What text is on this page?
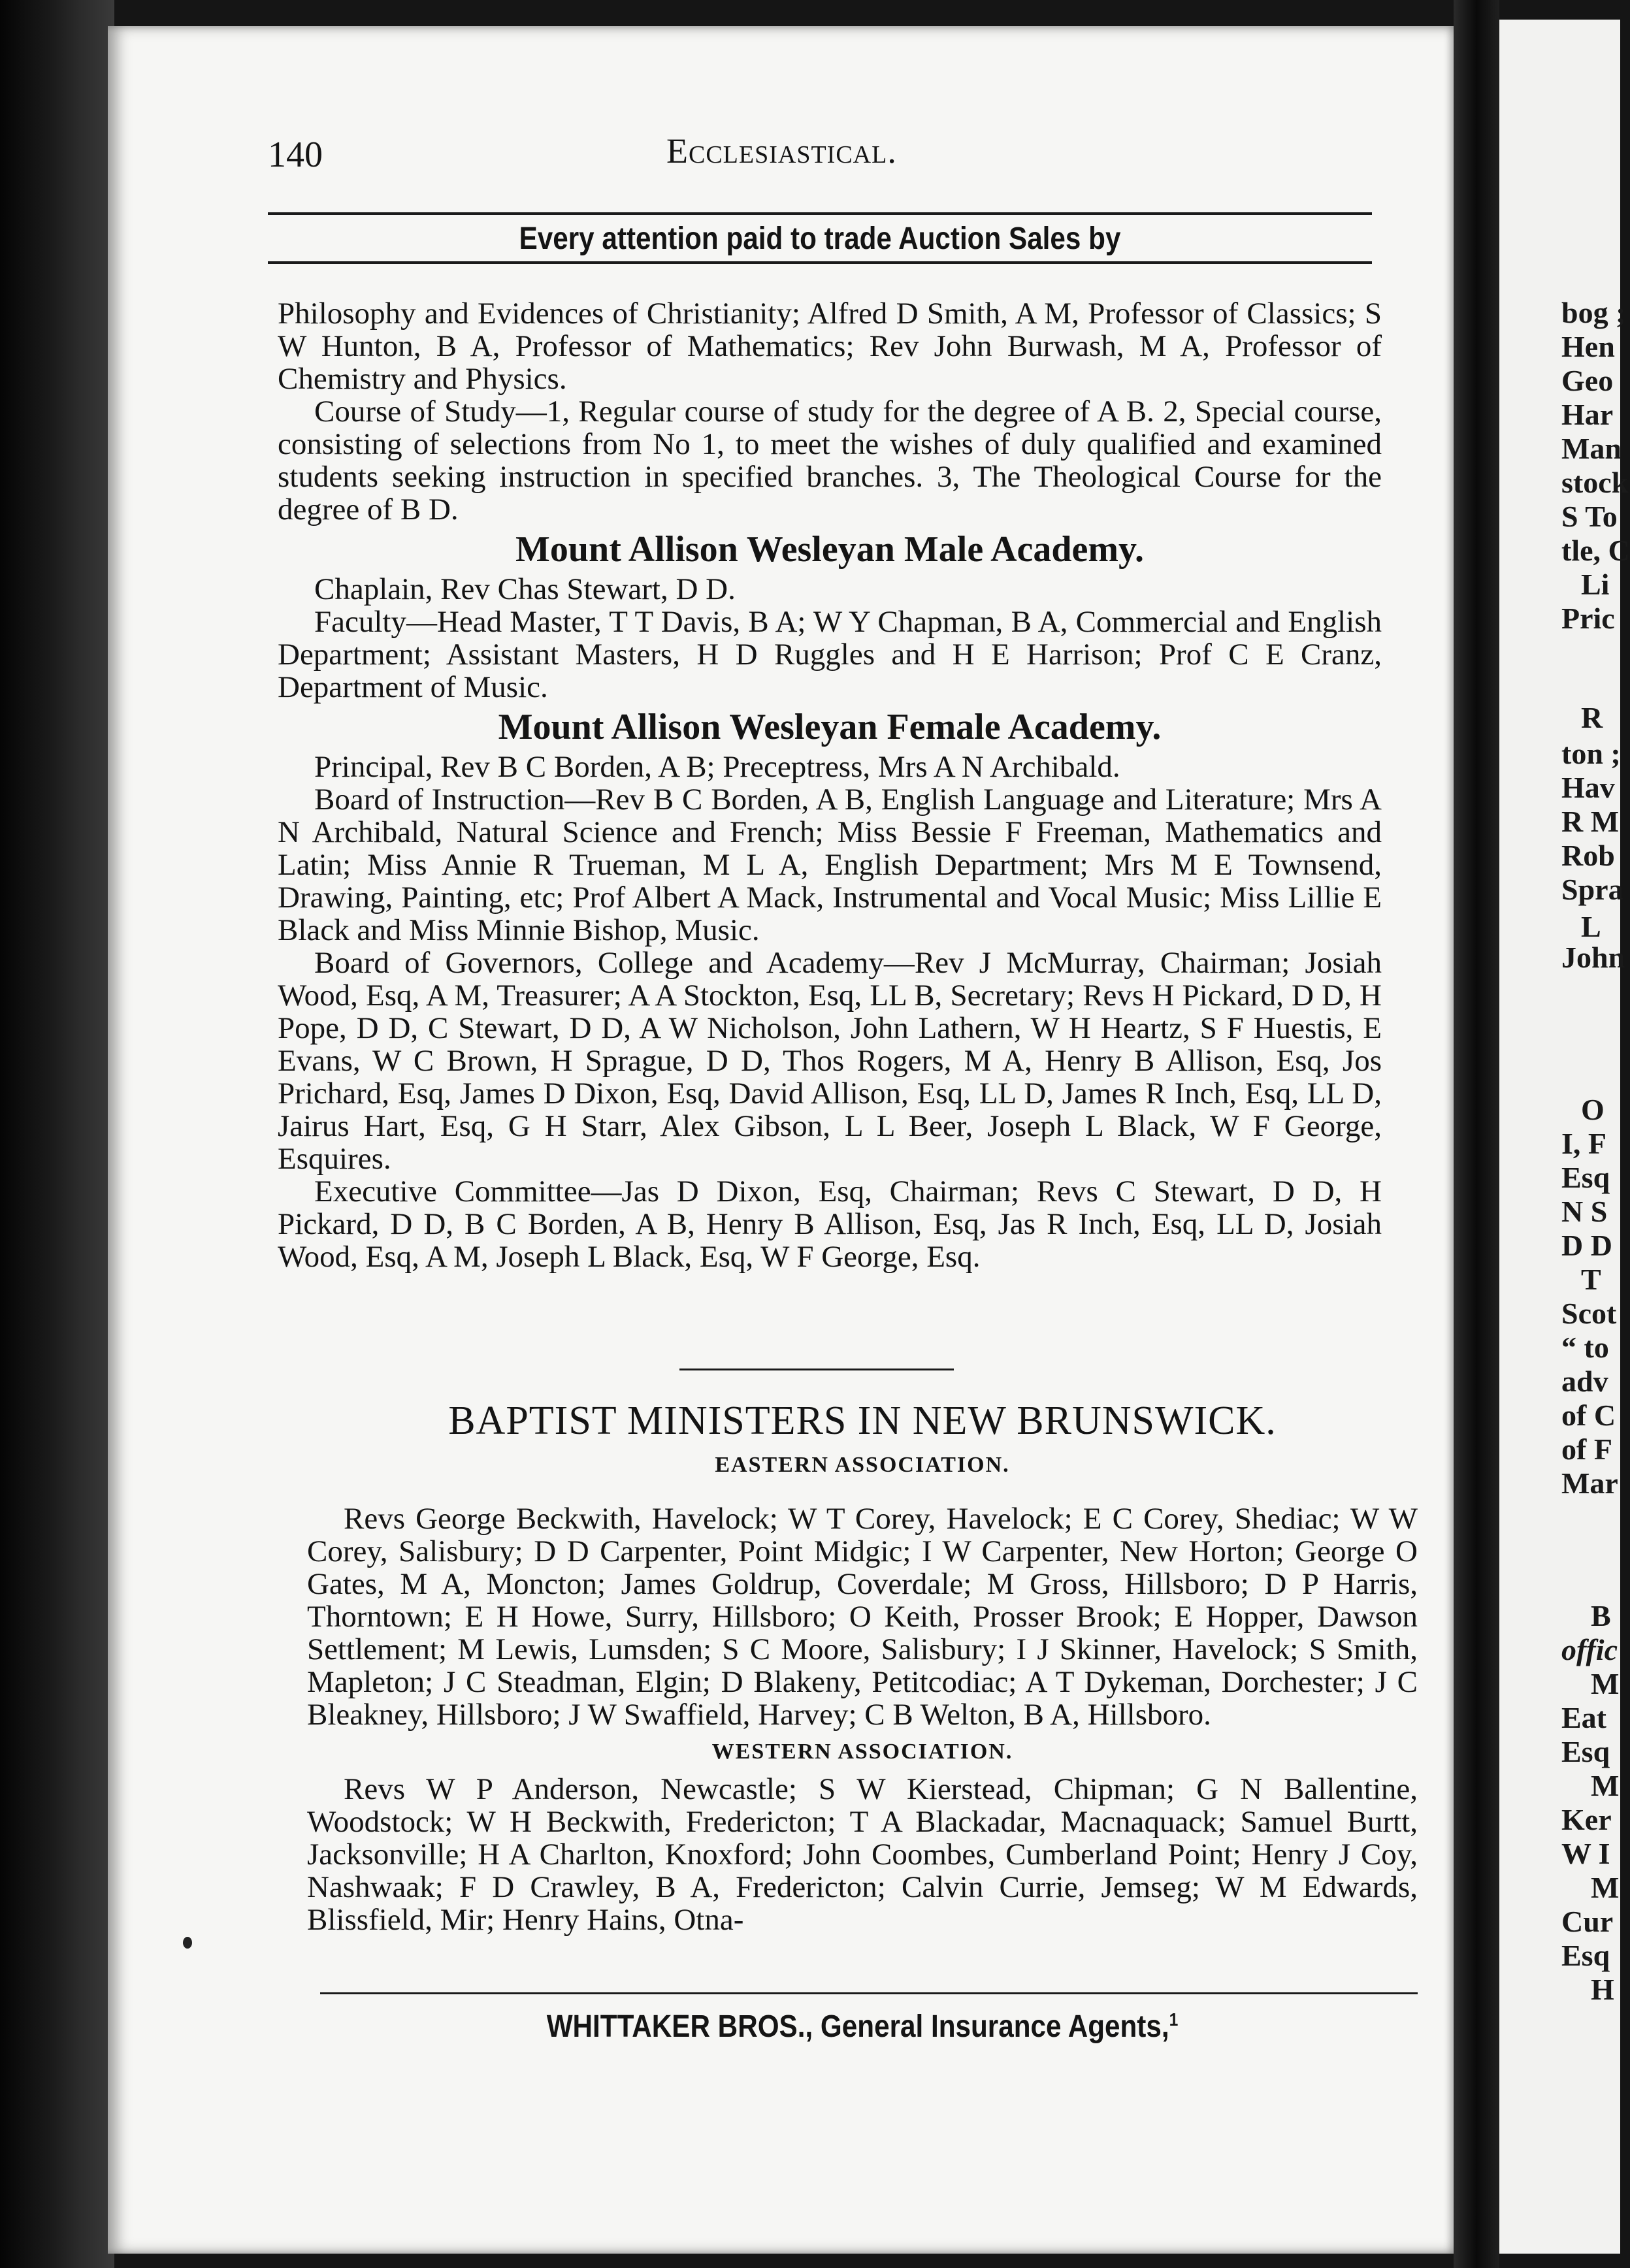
bog ;
Hen
Geo
Har
Man
stock
S To
tle, C
Li
Pric
R
ton ;
Hav
R M
Rob
Spra
L
John
O
I, F
Esq
N S
D D
T
Scot
“ to
adv
of C
of F
Mar
B
offic
M
Eat
Esq
M
Ker
W I
M
Cur
Esq
H
140	Ecclesiastical.
Every attention paid to trade Auction Sales by

Philosophy and Evidences of Christianity; Alfred D Smith, A M, Professor of Classics; S W Hunton, B A, Professor of Mathematics; Rev John Burwash, M A, Professor of Chemistry and Physics.

Course of Study—1, Regular course of study for the degree of A B. 2, Special course, consisting of selections from No 1, to meet the wishes of duly qualified and examined students seeking instruction in specified branches. 3, The Theological Course for the degree of B D.

Mount Allison Wesleyan Male Academy.

Chaplain, Rev Chas Stewart, D D.

Faculty—Head Master, T T Davis, B A; W Y Chapman, B A, Commercial and English Department; Assistant Masters, H D Ruggles and H E Harrison; Prof C E Cranz, Department of Music.

Mount Allison Wesleyan Female Academy.

Principal, Rev B C Borden, A B; Preceptress, Mrs A N Archibald.

Board of Instruction—Rev B C Borden, A B, English Language and Literature; Mrs A N Archibald, Natural Science and French; Miss Bessie F Freeman, Mathematics and Latin; Miss Annie R Trueman, M L A, English Department; Mrs M E Townsend, Drawing, Painting, etc; Prof Albert A Mack, Instrumental and Vocal Music; Miss Lillie E Black and Miss Minnie Bishop, Music.

Board of Governors, College and Academy—Rev J McMurray, Chairman; Josiah Wood, Esq, A M, Treasurer; A A Stockton, Esq, LL B, Secretary; Revs H Pickard, D D, H Pope, D D, C Stewart, D D, A W Nicholson, John Lathern, W H Heartz, S F Huestis, E Evans, W C Brown, H Sprague, D D, Thos Rogers, M A, Henry B Allison, Esq, Jos Prichard, Esq, James D Dixon, Esq, David Allison, Esq, LL D, James R Inch, Esq, LL D, Jairus Hart, Esq, G H Starr, Alex Gibson, L L Beer, Joseph L Black, W F George, Esquires.

Executive Committee—Jas D Dixon, Esq, Chairman; Revs C Stewart, D D, H Pickard, D D, B C Borden, A B, Henry B Allison, Esq, Jas R Inch, Esq, LL D, Josiah Wood, Esq, A M, Joseph L Black, Esq, W F George, Esq.

BAPTIST MINISTERS IN NEW BRUNSWICK.

EASTERN ASSOCIATION.

Revs George Beckwith, Havelock; W T Corey, Havelock; E C Corey, Shediac; W W Corey, Salisbury; D D Carpenter, Point Midgic; I W Carpenter, New Horton; George O Gates, M A, Moncton; James Goldrup, Coverdale; M Gross, Hillsboro; D P Harris, Thorntown; E H Howe, Surry, Hillsboro; O Keith, Prosser Brook; E Hopper, Dawson Settlement; M Lewis, Lumsden; S C Moore, Salisbury; I J Skinner, Havelock; S Smith, Mapleton; J C Steadman, Elgin; D Blakeny, Petitcodiac; A T Dykeman, Dorchester; J C Bleakney, Hillsboro; J W Swaffield, Harvey; C B Welton, B A, Hillsboro.

WESTERN ASSOCIATION.

Revs W P Anderson, Newcastle; S W Kierstead, Chipman; G N Ballentine, Woodstock; W H Beckwith, Fredericton; T A Blackadar, Macnaquack; Samuel Burtt, Jacksonville; H A Charlton, Knoxford; John Coombes, Cumberland Point; Henry J Coy, Nashwaak; F D Crawley, B A, Fredericton; Calvin Currie, Jemseg; W M Edwards, Blissfield, Mir; Henry Hains, Otna-

WHITTAKER BROS., General Insurance Agents,$^1$
